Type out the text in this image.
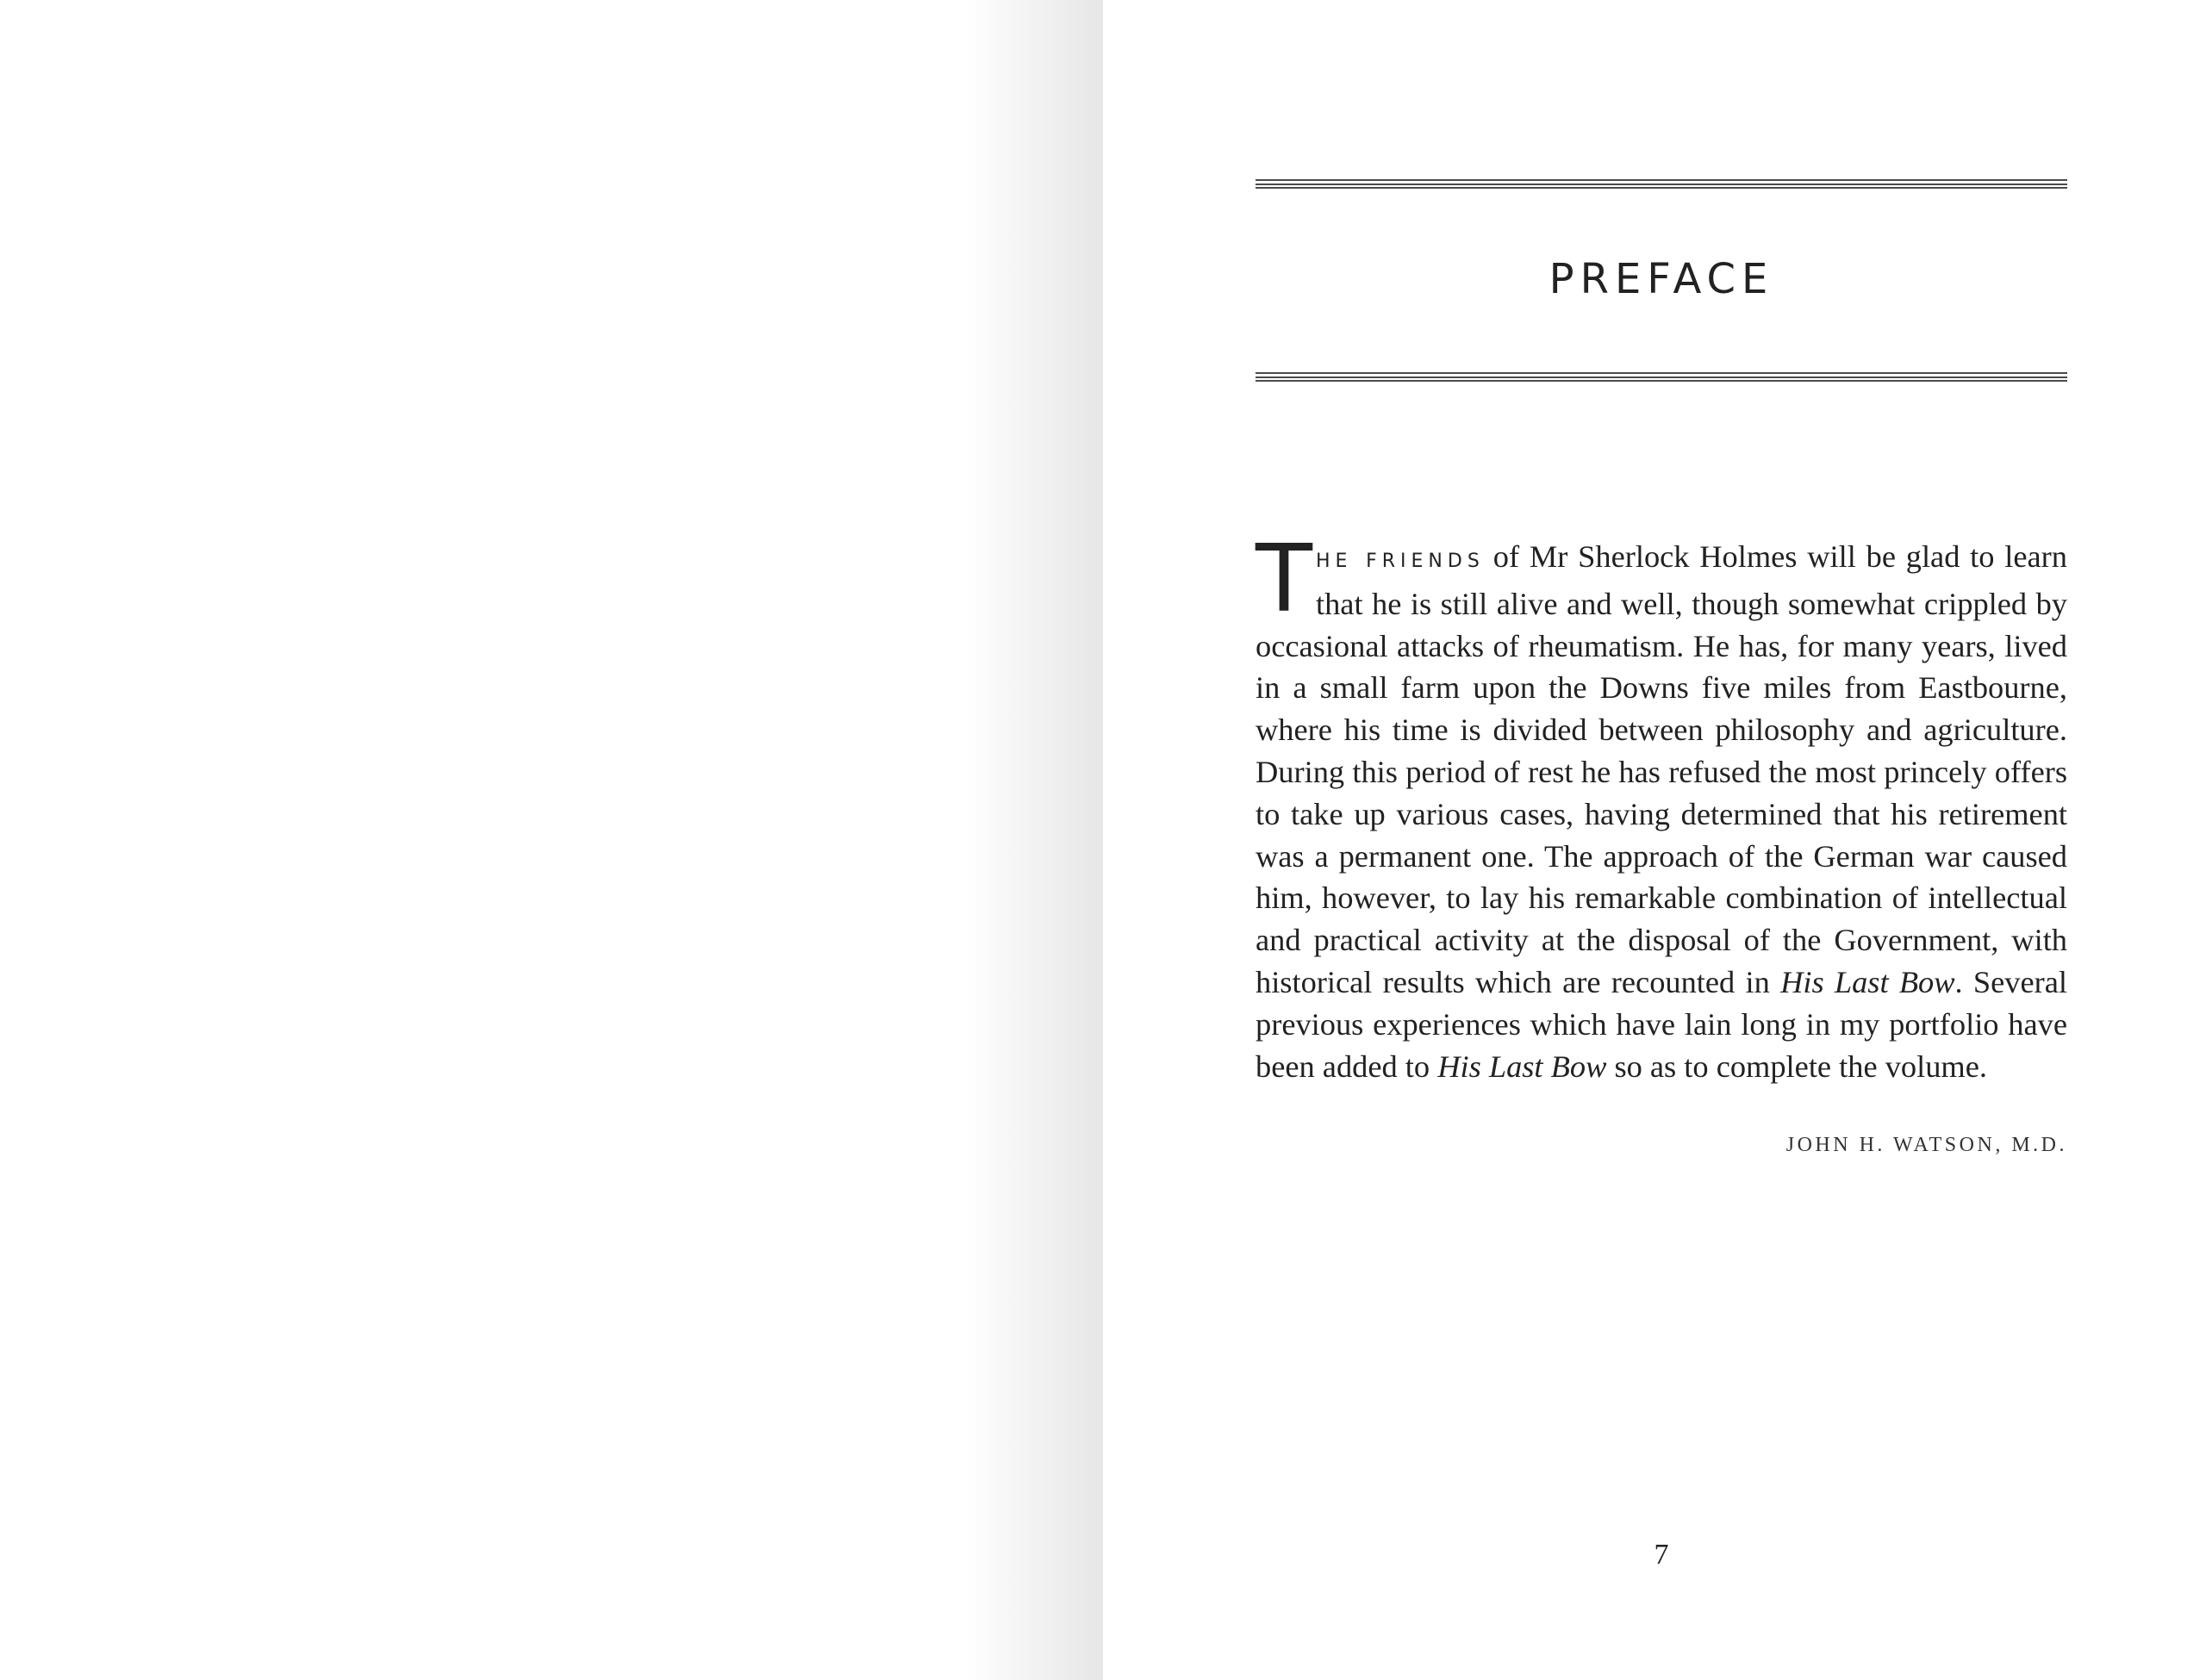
PREFACE

THE FRIENDS of Mr Sherlock Holmes will be glad to learn that he is still alive and well, though somewhat crippled by occasional attacks of rheumatism. He has, for many years, lived in a small farm upon the Downs five miles from Eastbourne, where his time is divided between philosophy and agriculture. During this period of rest he has refused the most princely offers to take up various cases, having determined that his retirement was a permanent one. The approach of the German war caused him, however, to lay his remarkable combination of intellectual and practical activity at the disposal of the Government, with historical results which are recounted in His Last Bow. Several previous experiences which have lain long in my portfolio have been added to His Last Bow so as to complete the volume.

JOHN H. WATSON, M.D.

7
